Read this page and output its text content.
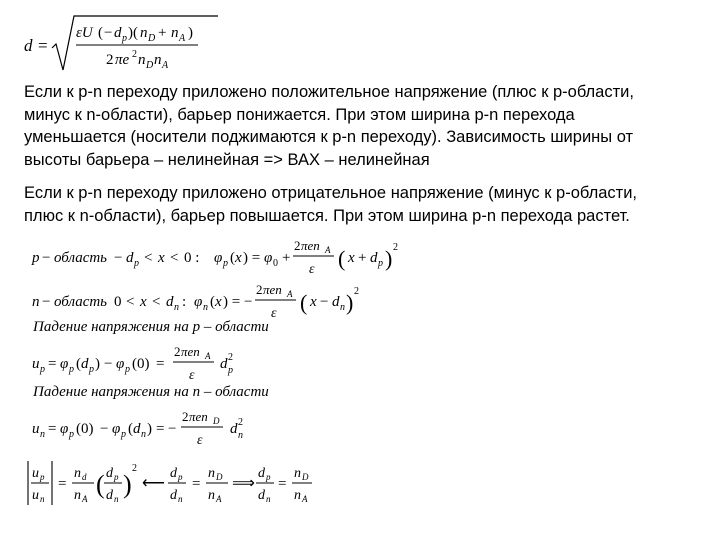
d =
εU ( − d p )( n D + n A )
2 πe 2 n D n A

Если к р-n переходу приложено положительное напряжение (плюс к р-области,

минус к n-области), барьер понижается. При этом ширина р-n перехода

уменьшается (носители поджимаются к р-n переходу). Зависимость ширины от

высоты барьера – нелинейная => ВАХ – нелинейная

Если к р-n переходу приложено отрицательное напряжение (минус к р-области,

плюс к n-области), барьер повышается. При этом ширина р-n перехода растет.

p − область − d p < x < 0 : φ p ( x ) = φ 0 +
2 πen A
ε ( x + d p ) 2
n − область 0 < x < d n : φ n ( x ) = −
2 πen A
ε ( x − d n ) 2
Падение напряжения на p – области
u p = φ p ( d p ) − φ p (0) =
2 πen A
ε
d 2
p
Падение напряжения на n – области
u n = φ p (0) − φ p ( d n ) = −
2 πen D
ε
d 2
n
u p
u n
=
n d
n A ( d p
d n )
2
⟵
d p
d n
=
n D
n A
⟹
d p
d n
=
n D
n A
